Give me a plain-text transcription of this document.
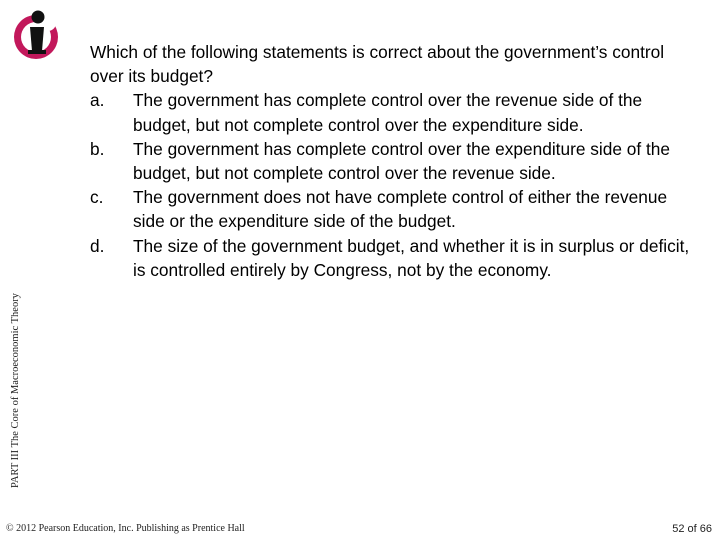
Which of the following statements is correct about the government’s control over its budget?

a.	The government has complete control over the revenue side of the budget, but not complete control over the expenditure side.
b.	The government has complete control over the expenditure side of the budget, but not complete control over the revenue side.
c.	The government does not have complete control of either the revenue side or the expenditure side of the budget.
d.	The size of the government budget, and whether it is in surplus or deficit, is controlled entirely by Congress, not by the economy.
PART III The Core of Macroeconomic Theory
© 2012 Pearson Education, Inc. Publishing as Prentice Hall	52 of 66
